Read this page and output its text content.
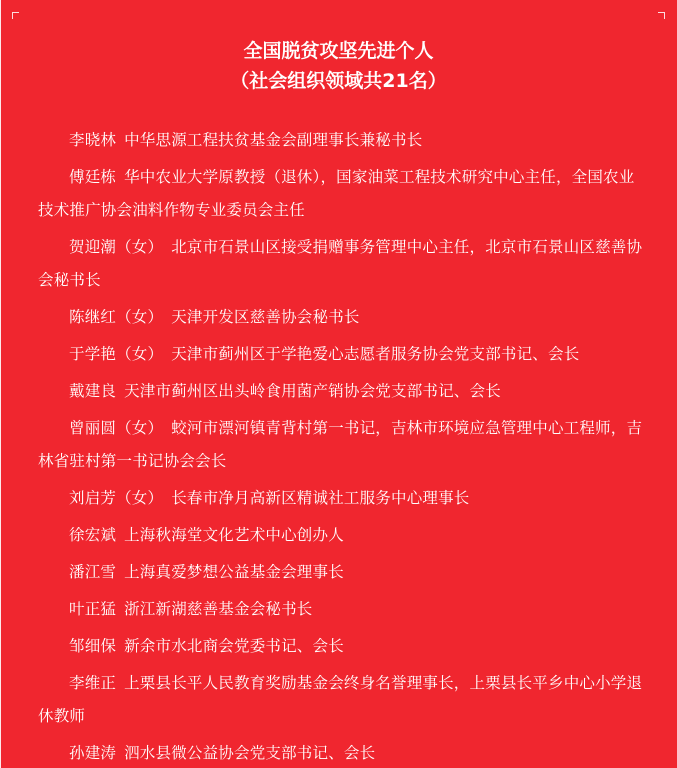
全国脱贫攻坚先进个人
（社会组织领域共21名）

李晓林 中华思源工程扶贫基金会副理事长兼秘书长

傅廷栋 华中农业大学原教授（退休），国家油菜工程技术研究中心主任，全国农业技术推广协会油料作物专业委员会主任

贺迎潮（女） 北京市石景山区接受捐赠事务管理中心主任，北京市石景山区慈善协会秘书长

陈继红（女） 天津开发区慈善协会秘书长

于学艳（女） 天津市蓟州区于学艳爱心志愿者服务协会党支部书记、会长

戴建良 天津市蓟州区出头岭食用菌产销协会党支部书记、会长

曾丽圆（女） 蛟河市漂河镇青背村第一书记，吉林市环境应急管理中心工程师，吉林省驻村第一书记协会会长

刘启芳（女） 长春市净月高新区精诚社工服务中心理事长

徐宏斌 上海秋海堂文化艺术中心创办人

潘江雪 上海真爱梦想公益基金会理事长

叶正猛 浙江新湖慈善基金会秘书长

邹细保 新余市水北商会党委书记、会长

李维正 上栗县长平人民教育奖励基金会终身名誉理事长，上栗县长平乡中心小学退休教师

孙建涛 泗水县微公益协会党支部书记、会长
